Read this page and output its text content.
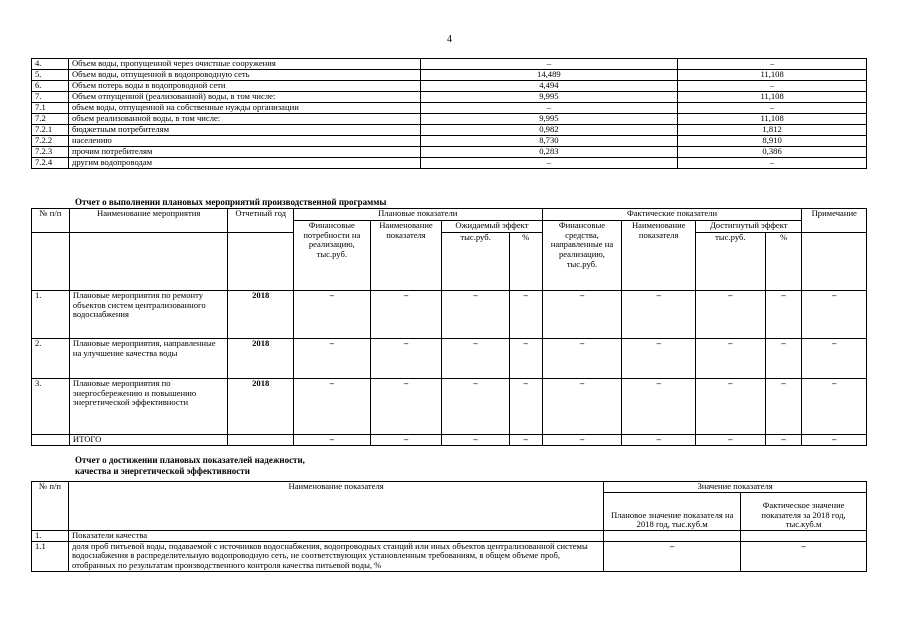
4
4.	Объем воды, пропущенной через очистные сооружения	–	–
5.	Объем воды, отпущенной в водопроводную сеть	14,489	11,108
6.	Объем потерь воды в водопроводной сети	4,494	–
7.	Объем отпущенной (реализованной) воды, в том числе:	9,995	11,108
7.1	объем воды, отпущенной на собственные нужды организации	–	–
7.2	объем реализованной воды, в том числе:	9,995	11,108
7.2.1	бюджетным потребителям	0,982	1,812
7.2.2	населению	8,730	8,910
7.2.3	прочим потребителям	0,283	0,386
7.2.4	другим водопроводам	–	–
Отчет о выполнении плановых мероприятий производственной программы
№ п/п	Наименование мероприятия	Отчетный год	Плановые показатели				Фактические показатели				Примечание
			Финансовые потребности на реализацию, тыс.руб.	Наименование показателя	Ожидаемый эффект		Финансовые средства, направленные на реализацию, тыс.руб.	Наименование показателя	Достигнутый эффект		
					тыс.руб.	%			тыс.руб.	%	
1.	Плановые мероприятия по ремонту объектов систем централизованного водоснабжения	2018	–	–	–	–	–	–	–	–	–
2.	Плановые мероприятия, направленные на улучшение качества воды	2018	–	–	–	–	–	–	–	–	–
3.	Плановые мероприятия по энергосбережению и повышению энергетической эффективности	2018	–	–	–	–	–	–	–	–	–
	ИТОГО		–	–	–	–	–	–	–	–	–
Отчет о достижении плановых показателей надежности,
качества и энергетической эффективности
№ п/п	Наименование показателя	Значение показателя	
		Плановое значение показателя на 2018 год, тыс.куб.м	Фактическое значение показателя за 2018 год, тыс.куб.м
1.	Показатели качества		
1.1	доля проб питьевой воды, подаваемой с источников водоснабжения, водопроводных станций или иных объектов централизованной системы водоснабжения в распределительную водопроводную сеть, не соответствующих установленным требованиям, в общем объеме проб, отобранных по результатам производственного контроля качества питьевой воды, %	–	–
